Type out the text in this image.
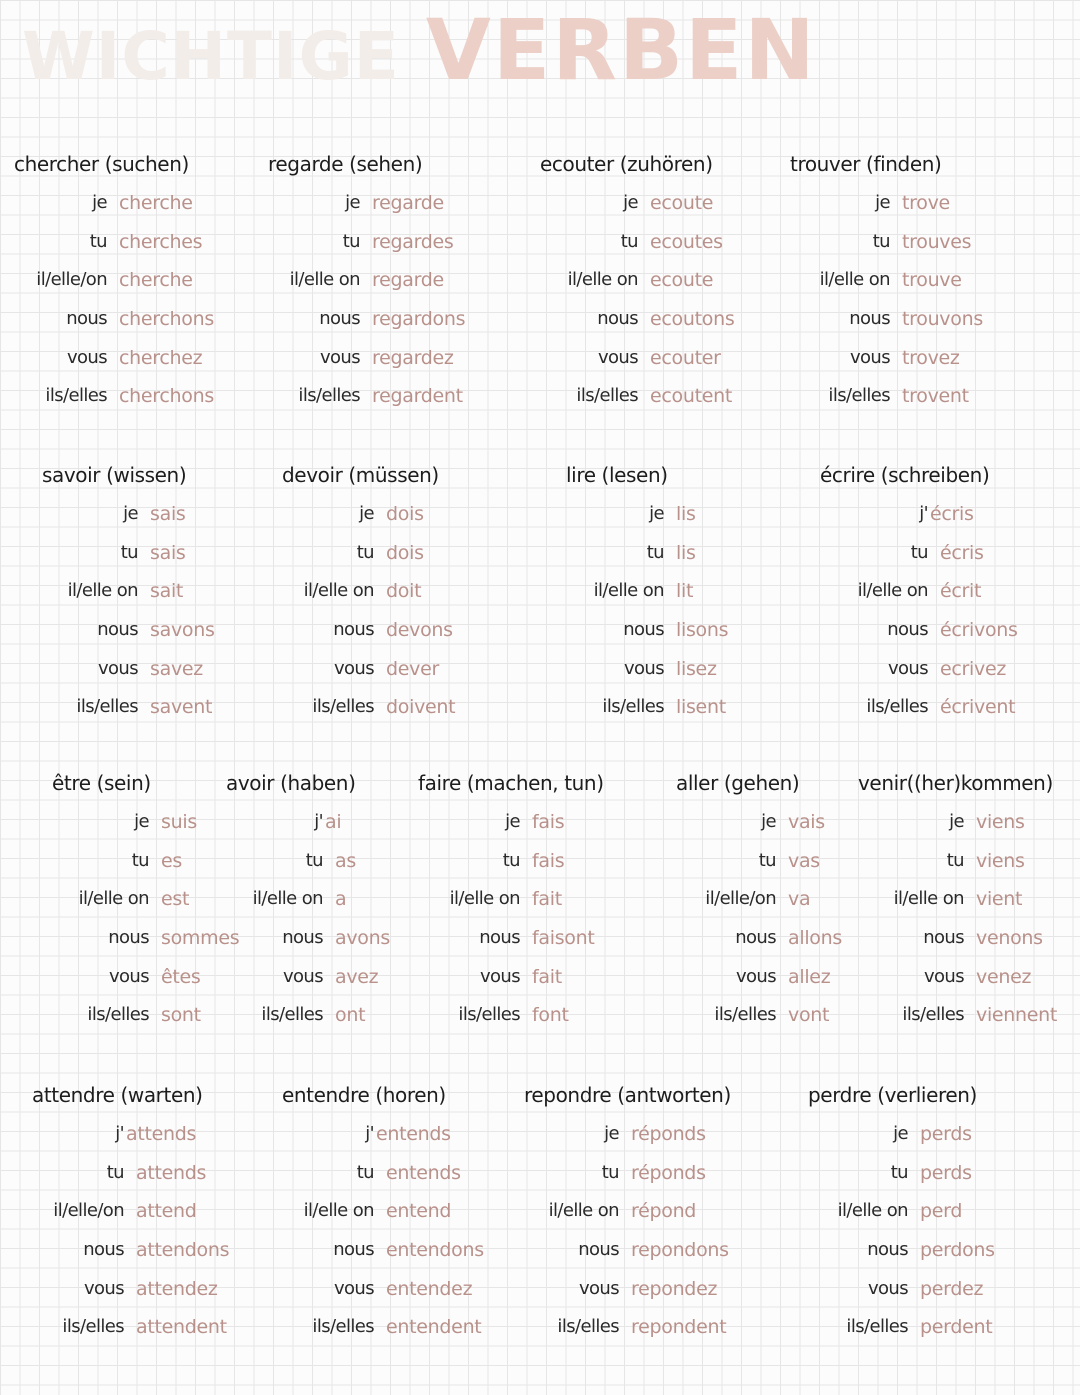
WICHTIGE VERBEN
chercher (suchen)
je cherche
tu cherches
il/elle/on cherche
nous cherchons
vous cherchez
ils/elles cherchons
regarde (sehen)
je regarde
tu regardes
il/elle on regarde
nous regardons
vous regardez
ils/elles regardent
ecouter (zuhören)
je ecoute
tu ecoutes
il/elle on ecoute
nous ecoutons
vous ecouter
ils/elles ecoutent
trouver (finden)
je trove
tu trouves
il/elle on trouve
nous trouvons
vous trovez
ils/elles trovent
savoir (wissen)
je sais
tu sais
il/elle on sait
nous savons
vous savez
ils/elles savent
devoir (müssen)
je dois
tu dois
il/elle on doit
nous devons
vous dever
ils/elles doivent
lire (lesen)
je lis
tu lis
il/elle on lit
nous lisons
vous lisez
ils/elles lisent
écrire (schreiben)
j' écris
tu écris
il/elle on écrit
nous écrivons
vous ecrivez
ils/elles écrivent
être (sein)
je suis
tu es
il/elle on est
nous sommes
vous êtes
ils/elles sont
avoir (haben)
j' ai
tu as
il/elle on a
nous avons
vous avez
ils/elles ont
faire (machen, tun)
je fais
tu fais
il/elle on fait
nous faisont
vous fait
ils/elles font
aller (gehen)
je vais
tu vas
il/elle/on va
nous allons
vous allez
ils/elles vont
venir((her)kommen)
je viens
tu viens
il/elle on vient
nous venons
vous venez
ils/elles viennent
attendre (warten)
j' attends
tu attends
il/elle/on attend
nous attendons
vous attendez
ils/elles attendent
entendre (horen)
j' entends
tu entends
il/elle on entend
nous entendons
vous entendez
ils/elles entendent
repondre (antworten)
je réponds
tu réponds
il/elle on répond
nous repondons
vous repondez
ils/elles repondent
perdre (verlieren)
je perds
tu perds
il/elle on perd
nous perdons
vous perdez
ils/elles perdent
